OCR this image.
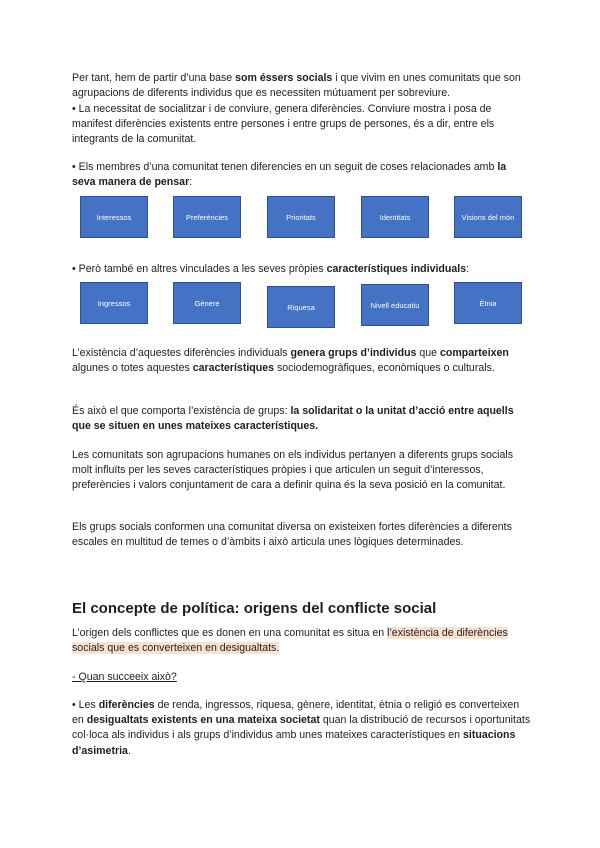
Per tant, hem de partir d’una base som éssers socials i que vivim en unes comunitats que son agrupacions de diferents individus que es necessiten mútuament per sobreviure.

• La necessitat de socialitzar i de conviure, genera diferències. Conviure mostra i posa de manifest diferències existents entre persones i entre grups de persones, és a dir, entre els integrants de la comunitat.

• Els membres d’una comunitat tenen diferencies en un seguit de coses relacionades amb la seva manera de pensar:

Interessos	Preferències	Prioritats	Identitats	Visions del món

• Però també en altres vinculades a les seves pròpies característiques individuals:

Ingressos	Gènere	Riquesa	Nivell educatiu	Ètnia

L’existència d’aquestes diferències individuals genera grups d’individus que comparteixen algunes o totes aquestes característiques sociodemogràfiques, econòmiques o culturals.

És això el que comporta l’existència de grups: la solidaritat o la unitat d’acció entre aquells que se situen en unes mateixes característiques.

Les comunitats son agrupacions humanes on els individus pertanyen a diferents grups socials molt influïts per les seves característiques pròpies i que articulen un seguit d’interessos, preferències i valors conjuntament de cara a definir quina és la seva posició en la comunitat.

Els grups socials conformen una comunitat diversa on existeixen fortes diferències a diferents escales en multitud de temes o d’àmbits i això articula unes lògiques determinades.

El concepte de política: origens del conflicte social

L’origen dels conflictes que es donen en una comunitat es situa en l’existència de diferències socials que es converteixen en desigualtats.

- Quan succeeix això?

• Les diferències de renda, ingressos, riquesa, gènere, identitat, ètnia o religió es converteixen en desigualtats existents en una mateixa societat quan la distribució de recursos i oportunitats col·loca als individus i als grups d’individus amb unes mateixes característiques en situacions d’asimetria.
